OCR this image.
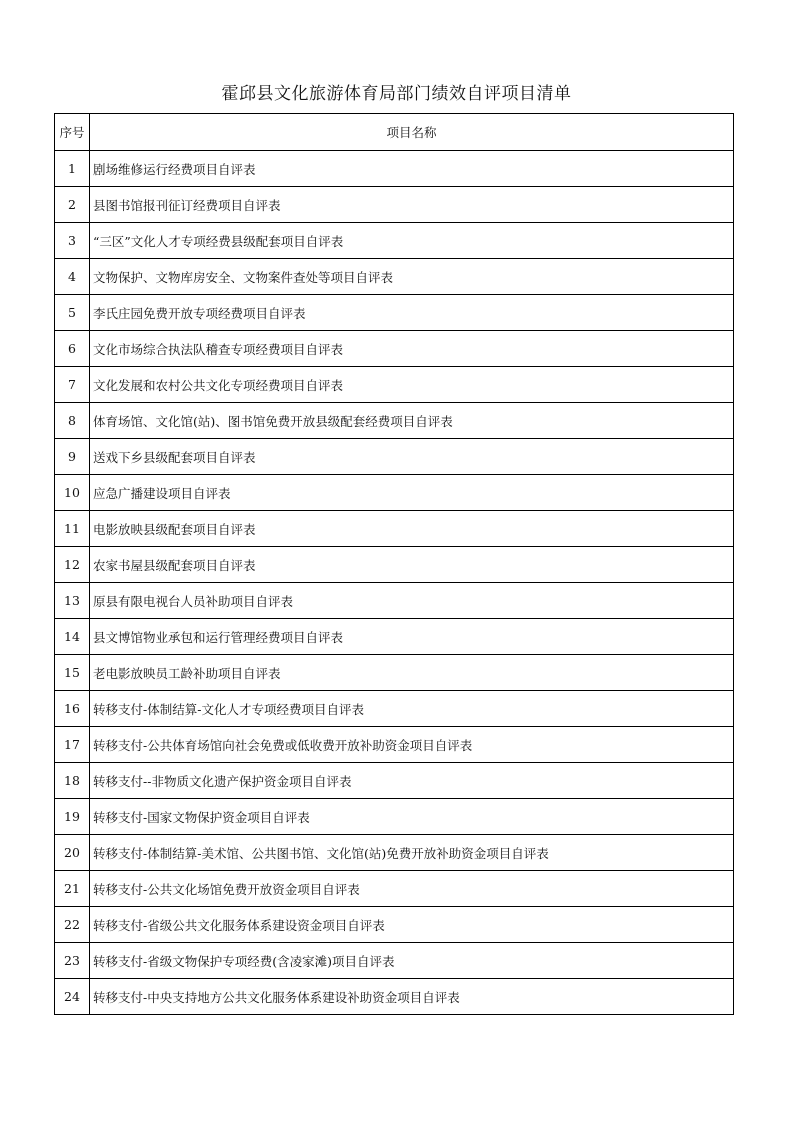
霍邱县文化旅游体育局部门绩效自评项目清单
序号	项目名称
1	剧场维修运行经费项目自评表
2	县图书馆报刊征订经费项目自评表
3	“三区”文化人才专项经费县级配套项目自评表
4	文物保护、文物库房安全、文物案件查处等项目自评表
5	李氏庄园免费开放专项经费项目自评表
6	文化市场综合执法队稽查专项经费项目自评表
7	文化发展和农村公共文化专项经费项目自评表
8	体育场馆、文化馆(站)、图书馆免费开放县级配套经费项目自评表
9	送戏下乡县级配套项目自评表
10	应急广播建设项目自评表
11	电影放映县级配套项目自评表
12	农家书屋县级配套项目自评表
13	原县有限电视台人员补助项目自评表
14	县文博馆物业承包和运行管理经费项目自评表
15	老电影放映员工龄补助项目自评表
16	转移支付-体制结算-文化人才专项经费项目自评表
17	转移支付-公共体育场馆向社会免费或低收费开放补助资金项目自评表
18	转移支付--非物质文化遗产保护资金项目自评表
19	转移支付-国家文物保护资金项目自评表
20	转移支付-体制结算-美术馆、公共图书馆、文化馆(站)免费开放补助资金项目自评表
21	转移支付-公共文化场馆免费开放资金项目自评表
22	转移支付-省级公共文化服务体系建设资金项目自评表
23	转移支付-省级文物保护专项经费(含凌家滩)项目自评表
24	转移支付-中央支持地方公共文化服务体系建设补助资金项目自评表
